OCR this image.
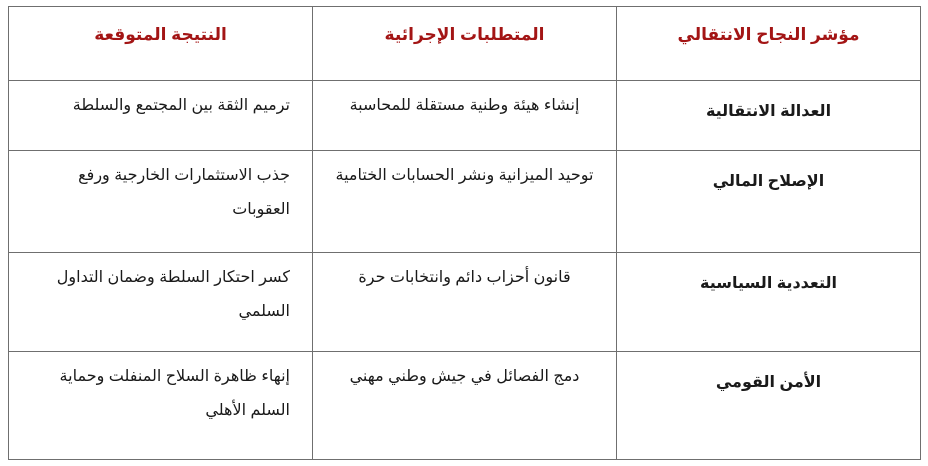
مؤشر النجاح الانتقالي	المتطلبات الإجرائية	النتيجة المتوقعة

العدالة الانتقالية	إنشاء هيئة وطنية مستقلة للمحاسبة	ترميم الثقة بين المجتمع والسلطة

الإصلاح المالي	توحيد الميزانية ونشر الحسابات الختامية	جذب الاستثمارات الخارجية ورفع العقوبات

التعددية السياسية	قانون أحزاب دائم وانتخابات حرة	كسر احتكار السلطة وضمان التداول السلمي

الأمن القومي	دمج الفصائل في جيش وطني مهني	إنهاء ظاهرة السلاح المنفلت وحماية السلم الأهلي
